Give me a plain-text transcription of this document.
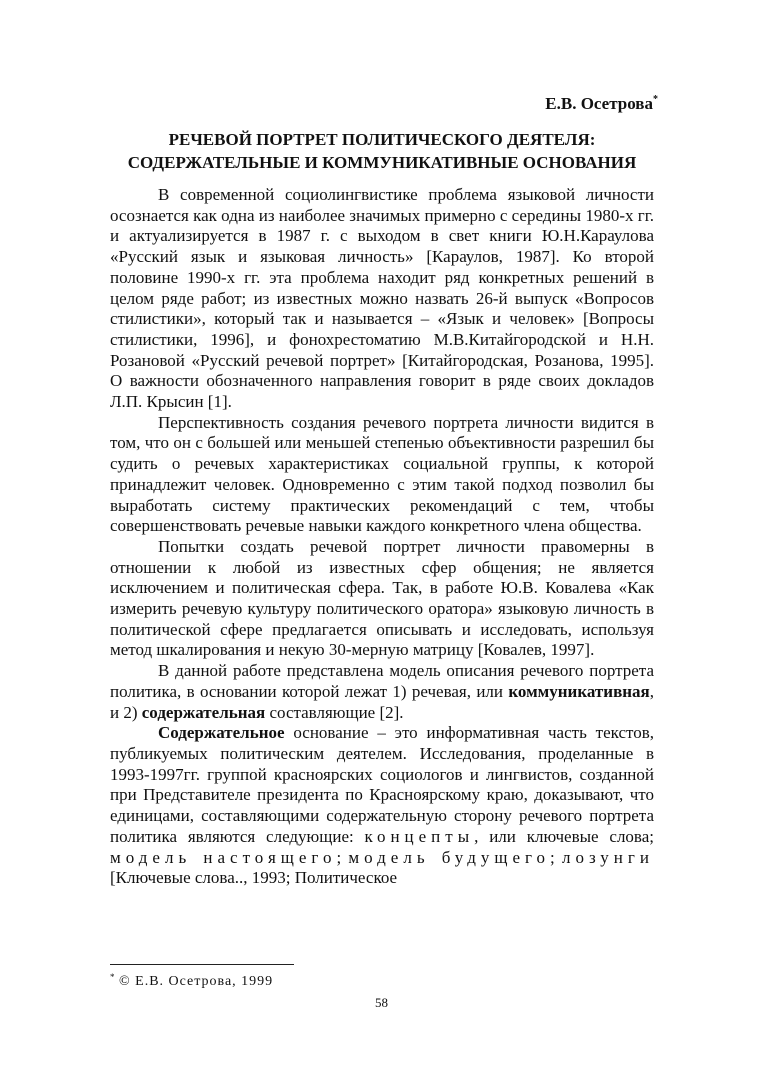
Е.В. Осетрова*
РЕЧЕВОЙ ПОРТРЕТ ПОЛИТИЧЕСКОГО ДЕЯТЕЛЯ:
СОДЕРЖАТЕЛЬНЫЕ И КОММУНИКАТИВНЫЕ ОСНОВАНИЯ

В современной социолингвистике проблема языковой личности осознается как одна из наиболее значимых примерно с середины 1980-х гг. и актуализируется в 1987 г. с выходом в свет книги Ю.Н.Караулова «Русский язык и языковая личность» [Караулов, 1987]. Ко второй половине 1990-х гг. эта проблема находит ряд конкретных решений в целом ряде работ; из известных можно назвать 26-й выпуск «Вопросов стилистики», который так и называется – «Язык и человек» [Вопросы стилистики, 1996], и фонохрестоматию М.В.Китайгородской и Н.Н. Розановой «Русский речевой портрет» [Китайгородская, Розанова, 1995]. О важности обозначенного направления говорит в ряде своих докладов Л.П. Крысин [1].

Перспективность создания речевого портрета личности видится в том, что он с большей или меньшей степенью объективности разрешил бы судить о речевых характеристиках социальной группы, к которой принадлежит человек. Одновременно с этим такой подход позволил бы выработать систему практических рекомендаций с тем, чтобы совершенствовать речевые навыки каждого конкретного члена общества.

Попытки создать речевой портрет личности правомерны в отношении к любой из известных сфер общения; не является исключением и политическая сфера. Так, в работе Ю.В. Ковалева «Как измерить речевую культуру политического оратора» языковую личность в политической сфере предлагается описывать и исследовать, используя метод шкалирования и некую 30-мерную матрицу [Ковалев, 1997].

В данной работе представлена модель описания речевого портрета политика, в основании которой лежат 1) речевая, или коммуникативная, и 2) содержательная составляющие [2].

Содержательное основание – это информативная часть текстов, публикуемых политическим деятелем. Исследования, проделанные в 1993-1997гг. группой красноярских социологов и лингвистов, созданной при Представителе президента по Красноярскому краю, доказывают, что единицами, составляющими содержательную сторону речевого портрета политика являются следующие: концепты, или ключевые слова; модель настоящего; модель будущего; лозунги [Ключевые слова.., 1993; Политическое

* © Е.В. Осетрова, 1999
58
